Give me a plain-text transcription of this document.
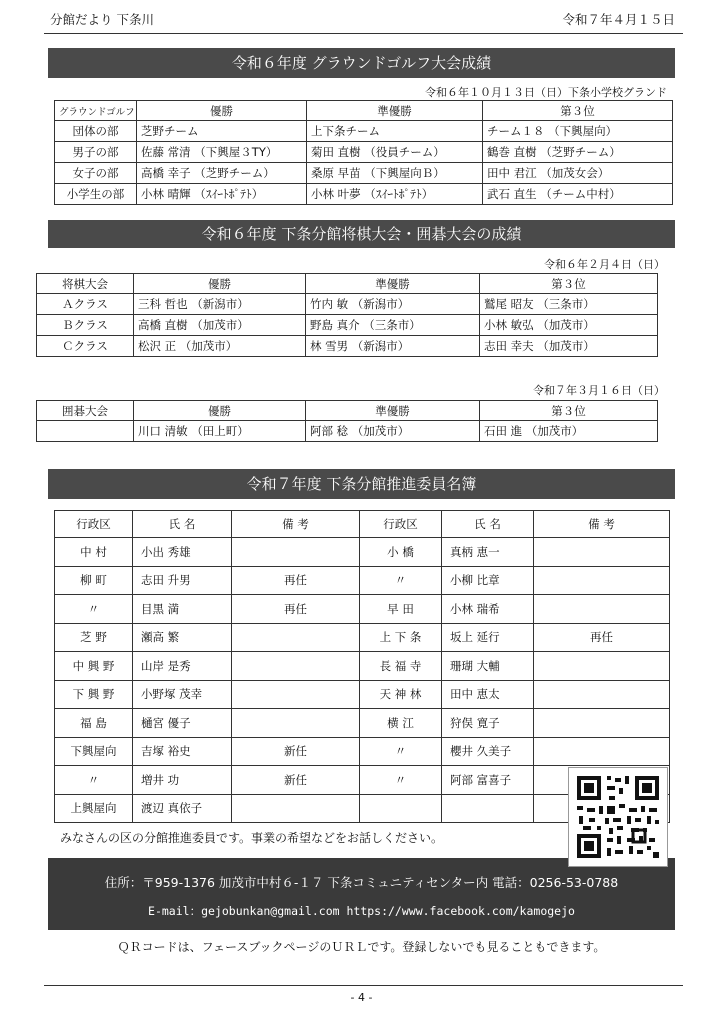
分館だより 下条川	令和７年４月１５日
令和６年度 グラウンドゴルフ大会成績
令和６年１０月１３日（日）下条小学校グランド
グラウンドゴルフ	優勝	準優勝	第３位
団体の部	芝野チーム	上下条チーム	チーム１８ （下興屋向）
男子の部	佐藤 常清 （下興屋３TY）	菊田 直樹 （役員チーム）	鶴巻 直樹 （芝野チーム）
女子の部	高橋 幸子 （芝野チーム）	桑原 早苗 （下興屋向Ｂ）	田中 君江 （加茂女会）
小学生の部	小林 晴輝 （ｽｲｰﾄﾎﾟﾃﾄ）	小林 叶夢 （ｽｲｰﾄﾎﾟﾃﾄ）	武石 直生 （チーム中村）
令和６年度 下条分館将棋大会・囲碁大会の成績
令和６年２月４日（日）
将棋大会	優勝	準優勝	第３位
Ａクラス	三科 哲也 （新潟市）	竹内 敏 （新潟市）	鷲尾 昭友 （三条市）
Ｂクラス	高橋 直樹 （加茂市）	野島 真介 （三条市）	小林 敏弘 （加茂市）
Ｃクラス	松沢 正 （加茂市）	林 雪男 （新潟市）	志田 幸夫 （加茂市）
令和７年３月１６日（日）
囲碁大会	優勝	準優勝	第３位
	川口 清敏 （田上町）	阿部 稔 （加茂市）	石田 進 （加茂市）
令和７年度 下条分館推進委員名簿
行政区	氏 名	備 考	行政区	氏 名	備 考
中 村	小出 秀雄		小 橋	真柄 恵一	
柳 町	志田 升男	再任	〃	小柳 比章	
〃	目黒 満	再任	早 田	小林 瑞希	
芝 野	瀬高 繁		上 下 条	坂上 延行	再任
中 興 野	山岸 是秀		長 福 寺	珊瑚 大輔	
下 興 野	小野塚 茂幸		天 神 林	田中 恵太	
福 島	樋宮 優子		横 江	狩俣 寛子	
下興屋向	吉塚 裕史	新任	〃	櫻井 久美子	
〃	増井 功	新任	〃	阿部 富喜子	
上興屋向	渡辺 真依子				
みなさんの区の分館推進委員です。事業の希望などをお話しください。
住所：〒959-1376 加茂市中村６-１７ 下条コミュニティセンター内 電話：0256-53-0788
E-mail：gejobunkan@gmail.com https://www.facebook.com/kamogejo
ＱＲコードは、フェースブックページのＵＲＬです。登録しないでも見ることもできます。
- 4 -
